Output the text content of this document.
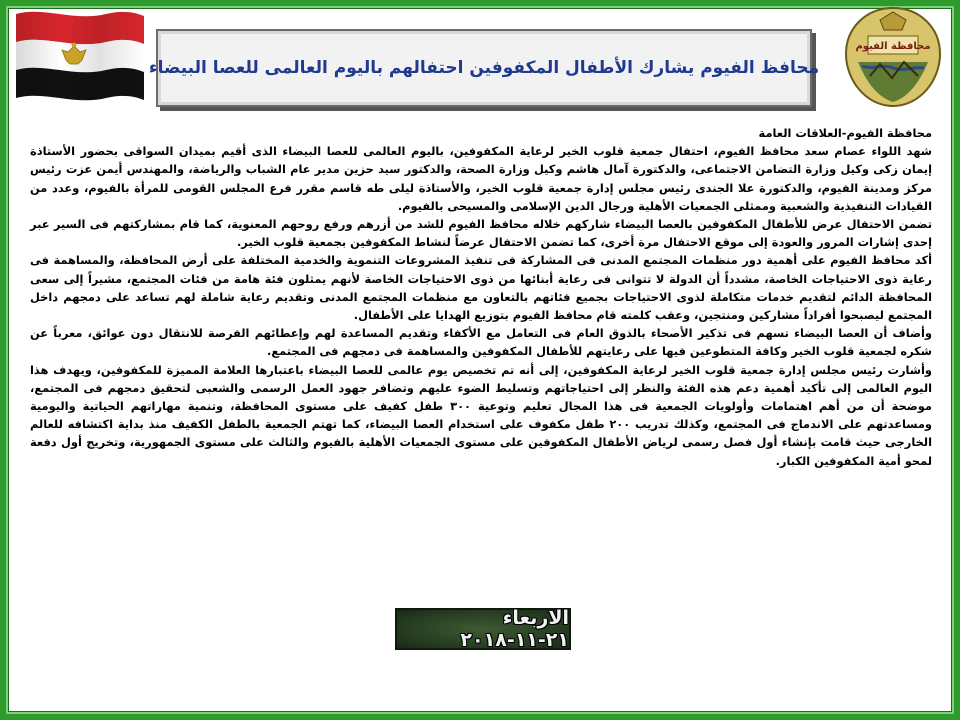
محافظ الفيوم يشارك الأطفال المكفوفين احتفالهم باليوم العالمى للعصا البيضاء
محافظة الفيوم

محافظة الفيوم-العلاقات العامة

شهد اللواء عصام سعد محافظ الفيوم، احتفال جمعية قلوب الخير لرعاية المكفوفين، باليوم العالمى للعصا البيضاء الذى أقيم بميدان السواقى بحضور الأستاذة إيمان زكى وكيل وزارة التضامن الاجتماعى، والدكتورة آمال هاشم وكيل وزارة الصحة، والدكتور سيد حزين مدير عام الشباب والرياضة، والمهندس أيمن عزت رئيس مركز ومدينة الفيوم، والدكتورة علا الجندى رئيس مجلس إدارة جمعية قلوب الخير، والأستاذة ليلى طه قاسم مقرر فرع المجلس القومى للمرأة بالفيوم، وعدد من القيادات التنفيذية والشعبية وممثلى الجمعيات الأهلية ورجال الدين الإسلامى والمسيحى بالفيوم.

تضمن الاحتفال عرض للأطفال المكفوفين بالعصا البيضاء شاركهم خلاله محافظ الفيوم للشد من أزرهم ورفع روحهم المعنوية، كما قام بمشاركتهم فى السير عبر إحدى إشارات المرور والعودة إلى موقع الاحتفال مرة أخرى، كما تضمن الاحتفال عرضاً لنشاط المكفوفين بجمعية قلوب الخير.

أكد محافظ الفيوم على أهمية دور منظمات المجتمع المدنى فى المشاركة فى تنفيذ المشروعات التنموية والخدمية المختلفة على أرض المحافظة، والمساهمة فى رعاية ذوى الاحتياجات الخاصة، مشدداً أن الدولة لا تتوانى فى رعاية أبنائها من ذوى الاحتياجات الخاصة لأنهم يمثلون فئة هامة من فئات المجتمع، مشيراً إلى سعى المحافظة الدائم لتقديم خدمات متكاملة لذوى الاحتياجات بجميع فئاتهم بالتعاون مع منظمات المجتمع المدنى وتقديم رعاية شاملة لهم تساعد على دمجهم داخل المجتمع ليصبحوا أفراداً مشاركين ومنتجين، وعقب كلمته قام محافظ الفيوم بتوزيع الهدايا على الأطفال.

وأضاف أن العصا البيضاء تسهم فى تذكير الأصحاء بالذوق العام فى التعامل مع الأكفاء وتقديم المساعدة لهم وإعطائهم الفرصة للانتقال دون عوائق، معرباً عن شكره لجمعية قلوب الخير وكافة المتطوعين فيها على رعايتهم للأطفال المكفوفين والمساهمة فى دمجهم فى المجتمع.

وأشارت رئيس مجلس إدارة جمعية قلوب الخير لرعاية المكفوفين، إلى أنه تم تخصيص يوم عالمى للعصا البيضاء باعتبارها العلامة المميزة للمكفوفين، ويهدف هذا اليوم العالمى إلى تأكيد أهمية دعم هذه الفئة والنظر إلى احتياجاتهم وتسليط الضوء عليهم وتضافر جهود العمل الرسمى والشعبى لتحقيق دمجهم فى المجتمع، موضحة أن من أهم اهتمامات وأولويات الجمعية فى هذا المجال تعليم وتوعية ٣٠٠ طفل كفيف على مستوى المحافظة، وتنمية مهاراتهم الحياتية واليومية ومساعدتهم على الاندماج فى المجتمع، وكذلك تدريب ٢٠٠ طفل مكفوف على استخدام العصا البيضاء، كما تهتم الجمعية بالطفل الكفيف منذ بداية اكتشافه للعالم الخارجى حيث قامت بإنشاء أول فصل رسمى لرياض الأطفال المكفوفين على مستوى الجمعيات الأهلية بالفيوم والثالث على مستوى الجمهورية، وتخريج أول دفعة لمحو أمية المكفوفين الكبار.

الاربعاء ٢١-١١-٢٠١٨
